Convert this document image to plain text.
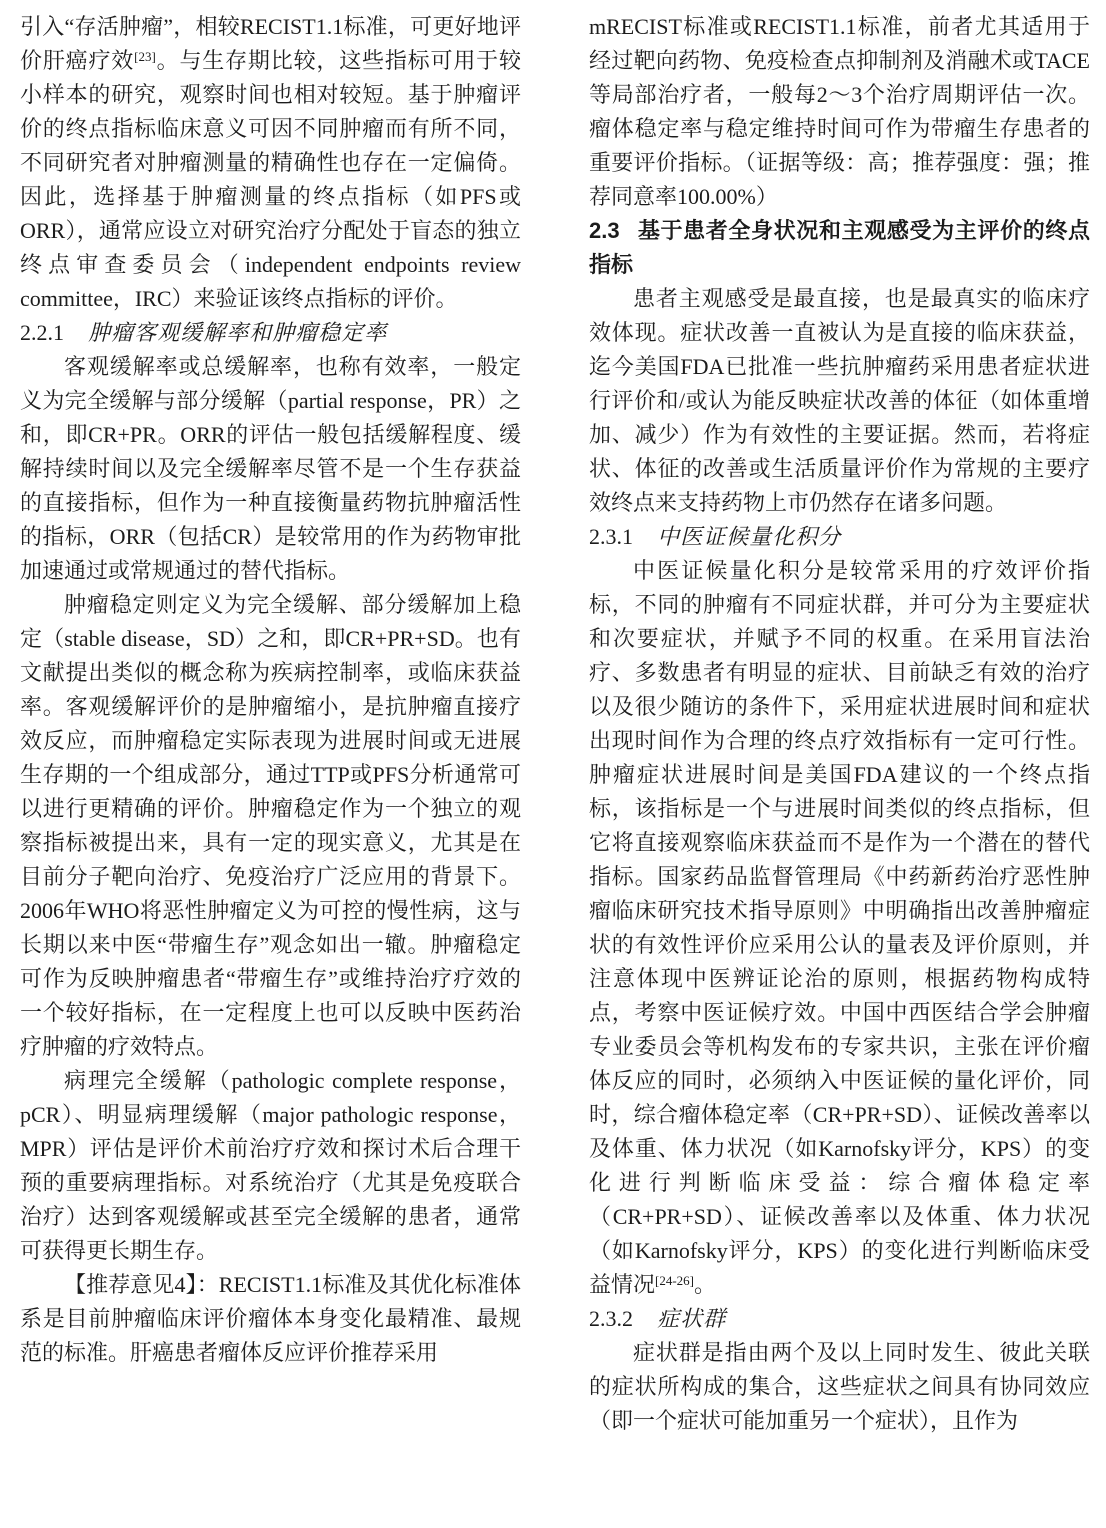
引入“存活肿瘤”，相较RECIST1.1标准，可更好地评价肝癌疗效[23]。与生存期比较，这些指标可用于较小样本的研究，观察时间也相对较短。基于肿瘤评价的终点指标临床意义可因不同肿瘤而有所不同，不同研究者对肿瘤测量的精确性也存在一定偏倚。因此，选择基于肿瘤测量的终点指标（如PFS或ORR），通常应设立对研究治疗分配处于盲态的独立终点审查委员会（independent endpoints review committee，IRC）来验证该终点指标的评价。

2.2.1 肿瘤客观缓解率和肿瘤稳定率

客观缓解率或总缓解率，也称有效率，一般定义为完全缓解与部分缓解（partial response，PR）之和，即CR+PR。ORR的评估一般包括缓解程度、缓解持续时间以及完全缓解率尽管不是一个生存获益的直接指标，但作为一种直接衡量药物抗肿瘤活性的指标，ORR（包括CR）是较常用的作为药物审批加速通过或常规通过的替代指标。

肿瘤稳定则定义为完全缓解、部分缓解加上稳定（stable disease，SD）之和，即CR+PR+SD。也有文献提出类似的概念称为疾病控制率，或临床获益率。客观缓解评价的是肿瘤缩小，是抗肿瘤直接疗效反应，而肿瘤稳定实际表现为进展时间或无进展生存期的一个组成部分，通过TTP或PFS分析通常可以进行更精确的评价。肿瘤稳定作为一个独立的观察指标被提出来，具有一定的现实意义，尤其是在目前分子靶向治疗、免疫治疗广泛应用的背景下。2006年WHO将恶性肿瘤定义为可控的慢性病，这与长期以来中医“带瘤生存”观念如出一辙。肿瘤稳定可作为反映肿瘤患者“带瘤生存”或维持治疗疗效的一个较好指标，在一定程度上也可以反映中医药治疗肿瘤的疗效特点。

病理完全缓解（pathologic complete response，pCR）、明显病理缓解（major pathologic response，MPR）评估是评价术前治疗疗效和探讨术后合理干预的重要病理指标。对系统治疗（尤其是免疫联合治疗）达到客观缓解或甚至完全缓解的患者，通常可获得更长期生存。

【推荐意见4】：RECIST1.1标准及其优化标准体系是目前肿瘤临床评价瘤体本身变化最精准、最规范的标准。肝癌患者瘤体反应评价推荐采用

mRECIST标准或RECIST1.1标准，前者尤其适用于经过靶向药物、免疫检查点抑制剂及消融术或TACE等局部治疗者，一般每2～3个治疗周期评估一次。瘤体稳定率与稳定维持时间可作为带瘤生存患者的重要评价指标。（证据等级：高；推荐强度：强；推荐同意率100.00%）

2.3 基于患者全身状况和主观感受为主评价的终点指标

患者主观感受是最直接，也是最真实的临床疗效体现。症状改善一直被认为是直接的临床获益，迄今美国FDA已批准一些抗肿瘤药采用患者症状进行评价和/或认为能反映症状改善的体征（如体重增加、减少）作为有效性的主要证据。然而，若将症状、体征的改善或生活质量评价作为常规的主要疗效终点来支持药物上市仍然存在诸多问题。

2.3.1 中医证候量化积分

中医证候量化积分是较常采用的疗效评价指标，不同的肿瘤有不同症状群，并可分为主要症状和次要症状，并赋予不同的权重。在采用盲法治疗、多数患者有明显的症状、目前缺乏有效的治疗以及很少随访的条件下，采用症状进展时间和症状出现时间作为合理的终点疗效指标有一定可行性。肿瘤症状进展时间是美国FDA建议的一个终点指标，该指标是一个与进展时间类似的终点指标，但它将直接观察临床获益而不是作为一个潜在的替代指标。国家药品监督管理局《中药新药治疗恶性肿瘤临床研究技术指导原则》中明确指出改善肿瘤症状的有效性评价应采用公认的量表及评价原则，并注意体现中医辨证论治的原则，根据药物构成特点，考察中医证候疗效。中国中西医结合学会肿瘤专业委员会等机构发布的专家共识，主张在评价瘤体反应的同时，必须纳入中医证候的量化评价，同时，综合瘤体稳定率（CR+PR+SD）、证候改善率以及体重、体力状况（如Karnofsky评分，KPS）的变化进行判断临床受益：综合瘤体稳定率（CR+PR+SD）、证候改善率以及体重、体力状况（如Karnofsky评分，KPS）的变化进行判断临床受益情况[24-26]。

2.3.2 症状群

症状群是指由两个及以上同时发生、彼此关联的症状所构成的集合，这些症状之间具有协同效应（即一个症状可能加重另一个症状），且作为
